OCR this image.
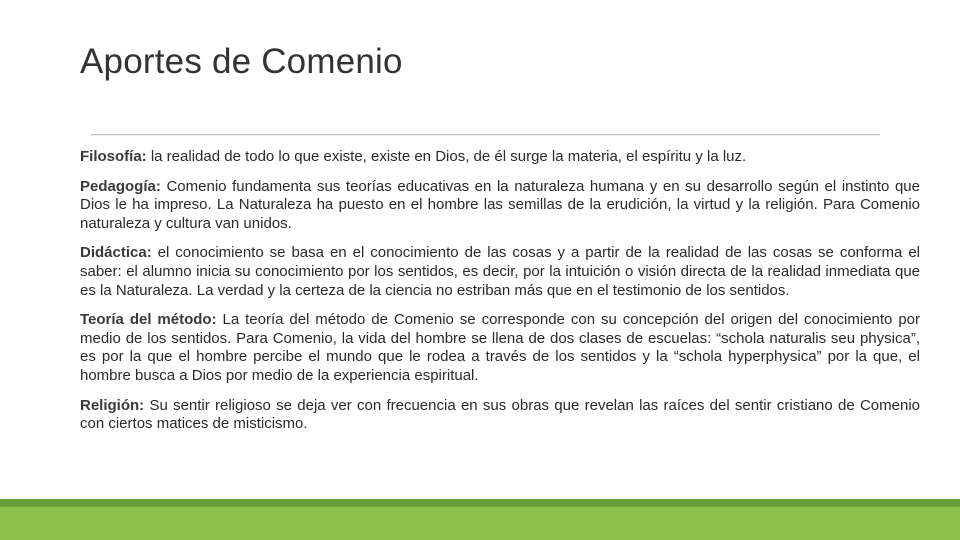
Aportes de Comenio

Filosofía: la realidad de todo lo que existe, existe en Dios, de él surge la materia, el espíritu y la luz.

Pedagogía: Comenio fundamenta sus teorías educativas en la naturaleza humana y en su desarrollo según el instinto que Dios le ha impreso. La Naturaleza ha puesto en el hombre las semillas de la erudición, la virtud y la religión. Para Comenio naturaleza y cultura van unidos.

Didáctica: el conocimiento se basa en el conocimiento de las cosas y a partir de la realidad de las cosas se conforma el saber: el alumno inicia su conocimiento por los sentidos, es decir, por la intuición o visión directa de la realidad inmediata que es la Naturaleza. La verdad y la certeza de la ciencia no estriban más que en el testimonio de los sentidos.

Teoría del método: La teoría del método de Comenio se corresponde con su concepción del origen del conocimiento por medio de los sentidos. Para Comenio, la vida del hombre se llena de dos clases de escuelas: “schola naturalis seu physica”, es por la que el hombre percibe el mundo que le rodea a través de los sentidos y la “schola hyperphysica” por la que, el hombre busca a Dios por medio de la experiencia espiritual.

Religión: Su sentir religioso se deja ver con frecuencia en sus obras que revelan las raíces del sentir cristiano de Comenio con ciertos matices de misticismo.
